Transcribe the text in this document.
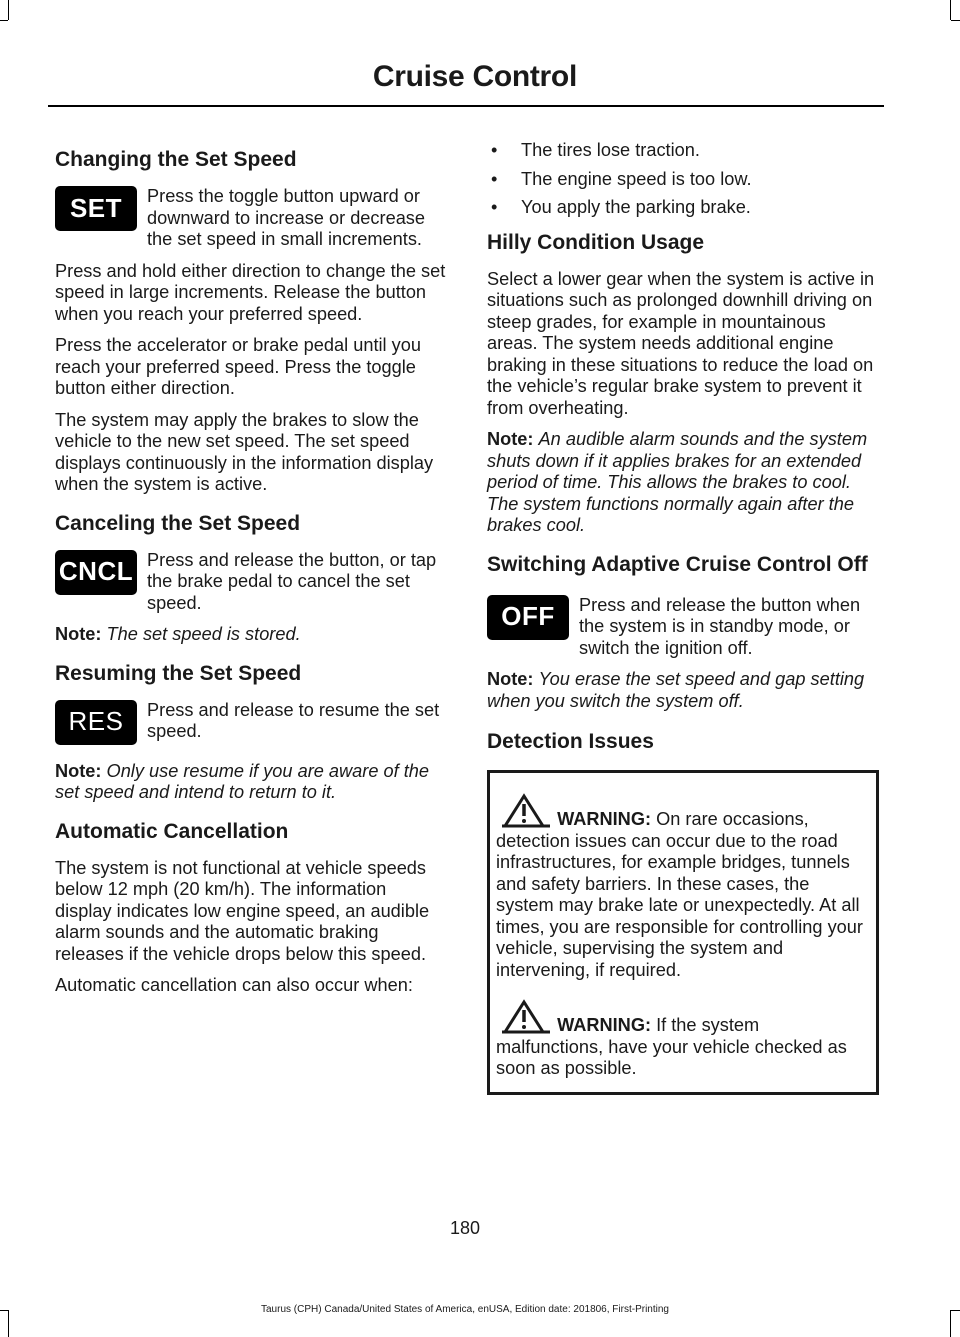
Cruise Control
Changing the Set Speed
SET	Press the toggle button upward or downward to increase or decrease the set speed in small increments.

Press and hold either direction to change the set speed in large increments. Release the button when you reach your preferred speed.

Press the accelerator or brake pedal until you reach your preferred speed. Press the toggle button either direction.

The system may apply the brakes to slow the vehicle to the new set speed. The set speed displays continuously in the information display when the system is active.

Canceling the Set Speed
CNCL Press and release the button, or tap the brake pedal to cancel the set speed.

Note: The set speed is stored.

Resuming the Set Speed
RES	Press and release to resume the set speed.

Note: Only use resume if you are aware of the set speed and intend to return to it.

Automatic Cancellation

The system is not functional at vehicle speeds below 12 mph (20 km/h). The information display indicates low engine speed, an audible alarm sounds and the automatic braking releases if the vehicle drops below this speed.

Automatic cancellation can also occur when:

• The tires lose traction.
• The engine speed is too low.
• You apply the parking brake.
Hilly Condition Usage

Select a lower gear when the system is active in situations such as prolonged downhill driving on steep grades, for example in mountainous areas. The system needs additional engine braking in these situations to reduce the load on the vehicle’s regular brake system to prevent it from overheating.

Note: An audible alarm sounds and the system shuts down if it applies brakes for an extended period of time. This allows the brakes to cool. The system functions normally again after the brakes cool.

Switching Adaptive Cruise Control Off
OFF	Press and release the button when the system is in standby mode, or switch the ignition off.

Note: You erase the set speed and gap setting when you switch the system off.

Detection Issues

WARNING: On rare occasions, detection issues can occur due to the road infrastructures, for example bridges, tunnels and safety barriers. In these cases, the system may brake late or unexpectedly. At all times, you are responsible for controlling your vehicle, supervising the system and intervening, if required.

WARNING: If the system malfunctions, have your vehicle checked as soon as possible.

180
Taurus (CPH) Canada/United States of America, enUSA, Edition date: 201806, First-Printing
